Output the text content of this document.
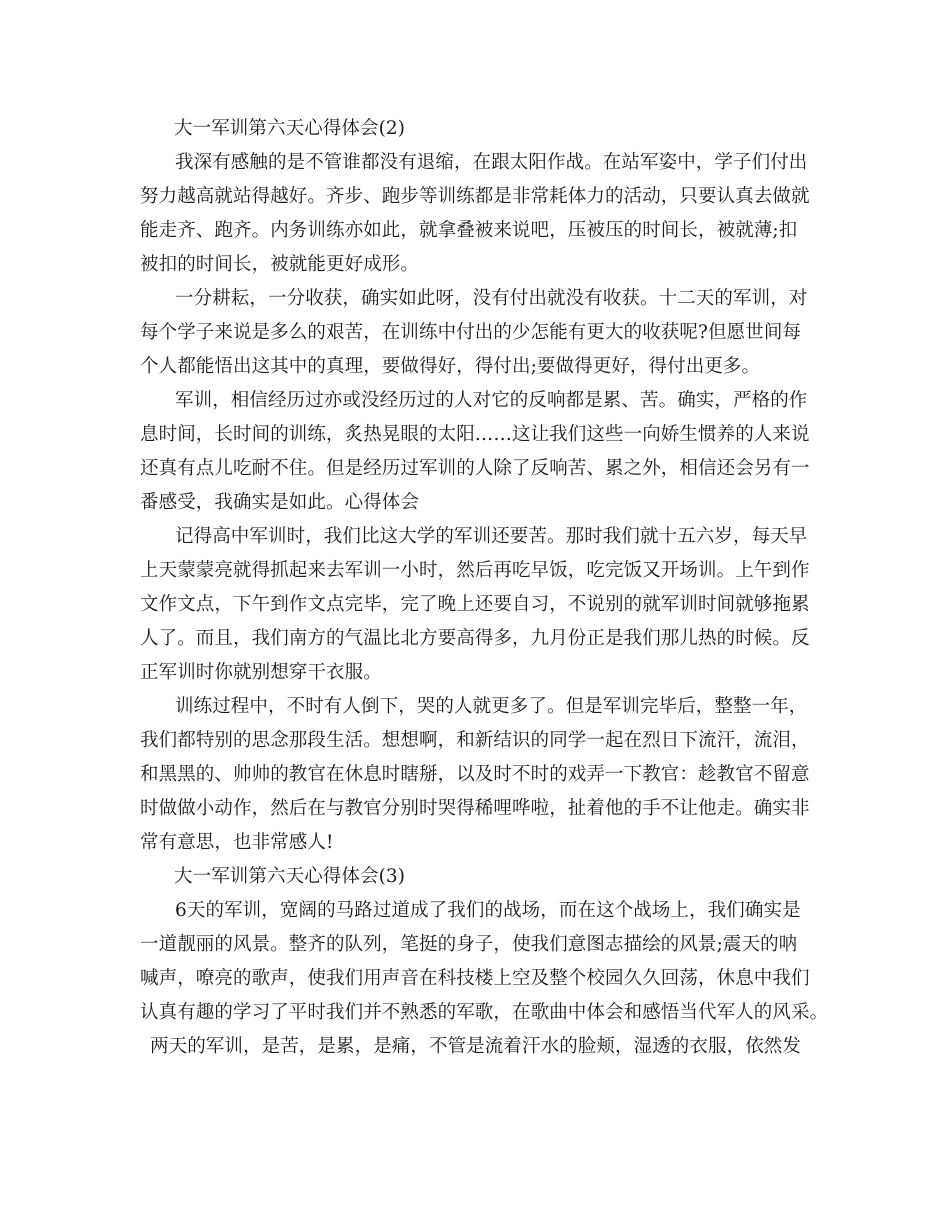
大一军训第六天心得体会(2)
我深有感触的是不管谁都没有退缩，在跟太阳作战。在站军姿中，学子们付出
努力越高就站得越好。齐步、跑步等训练都是非常耗体力的活动，只要认真去做就
能走齐、跑齐。内务训练亦如此，就拿叠被来说吧，压被压的时间长，被就薄;扣
被扣的时间长，被就能更好成形。
一分耕耘，一分收获，确实如此呀，没有付出就没有收获。十二天的军训，对
每个学子来说是多么的艰苦，在训练中付出的少怎能有更大的收获呢?但愿世间每
个人都能悟出这其中的真理，要做得好，得付出;要做得更好，得付出更多。
军训，相信经历过亦或没经历过的人对它的反响都是累、苦。确实，严格的作
息时间，长时间的训练，炙热晃眼的太阳……这让我们这些一向娇生惯养的人来说
还真有点儿吃耐不住。但是经历过军训的人除了反响苦、累之外，相信还会另有一
番感受，我确实是如此。心得体会
记得高中军训时，我们比这大学的军训还要苦。那时我们就十五六岁，每天早
上天蒙蒙亮就得抓起来去军训一小时，然后再吃早饭，吃完饭又开场训。上午到作
文作文点，下午到作文点完毕，完了晚上还要自习，不说别的就军训时间就够拖累
人了。而且，我们南方的气温比北方要高得多，九月份正是我们那儿热的时候。反
正军训时你就别想穿干衣服。
训练过程中，不时有人倒下，哭的人就更多了。但是军训完毕后，整整一年，
我们都特别的思念那段生活。想想啊，和新结识的同学一起在烈日下流汗，流泪，
和黑黑的、帅帅的教官在休息时瞎掰，以及时不时的戏弄一下教官：趁教官不留意
时做做小动作，然后在与教官分别时哭得稀哩哗啦，扯着他的手不让他走。确实非
常有意思，也非常感人!
大一军训第六天心得体会(3)
6天的军训，宽阔的马路过道成了我们的战场，而在这个战场上，我们确实是
一道靓丽的风景。整齐的队列，笔挺的身子，使我们意图志描绘的风景;震天的呐
喊声，嘹亮的歌声，使我们用声音在科技楼上空及整个校园久久回荡，休息中我们
认真有趣的学习了平时我们并不熟悉的军歌，在歌曲中体会和感悟当代军人的风采。
两天的军训，是苦，是累，是痛，不管是流着汗水的脸颊，湿透的衣服，依然发
